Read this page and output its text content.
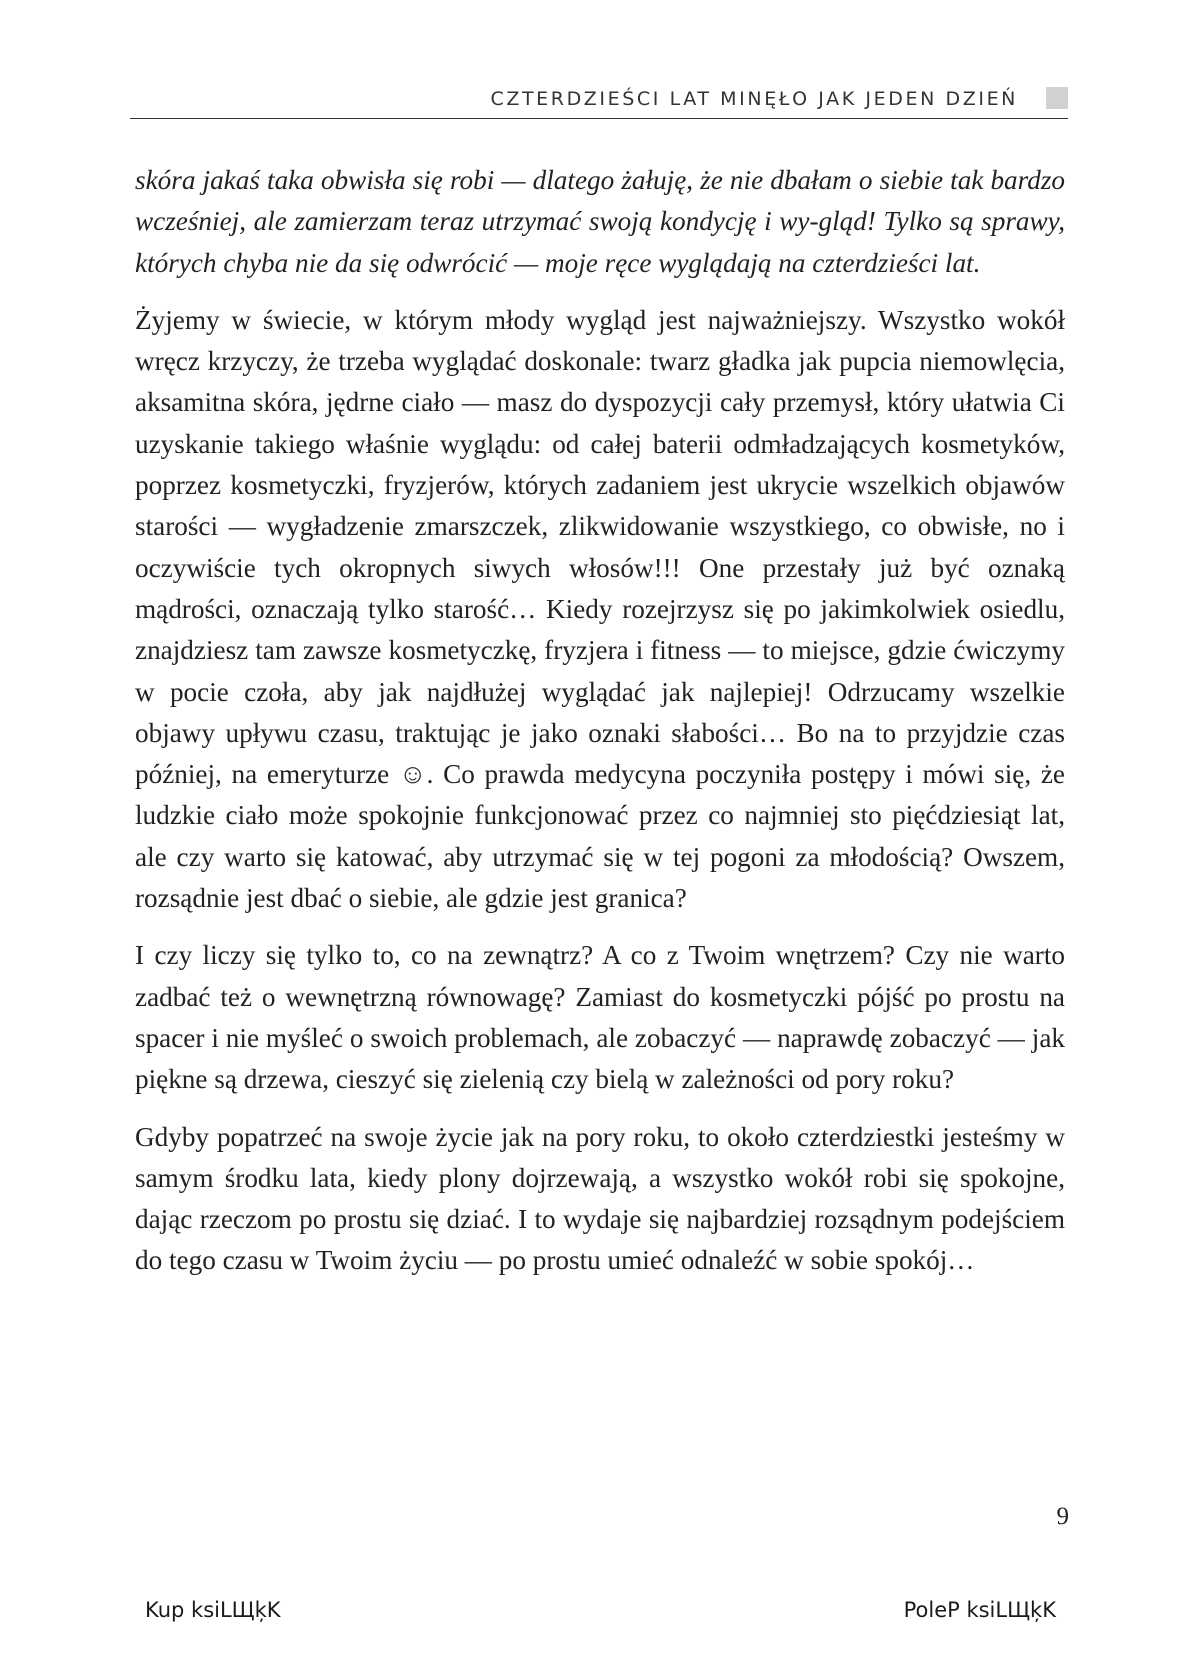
CZTERDZIEŚCI LAT MINĘŁO JAK JEDEN DZIEŃ

skóra jakaś taka obwisła się robi — dlatego żałuję, że nie dbałam o siebie tak bardzo wcześniej, ale zamierzam teraz utrzymać swoją kondycję i wy-gląd! Tylko są sprawy, których chyba nie da się odwrócić — moje ręce wyglądają na czterdzieści lat.

Żyjemy w świecie, w którym młody wygląd jest najważniejszy. Wszystko wokół wręcz krzyczy, że trzeba wyglądać doskonale: twarz gładka jak pupcia niemowlęcia, aksamitna skóra, jędrne ciało — masz do dyspozycji cały przemysł, który ułatwia Ci uzyskanie takiego właśnie wyglądu: od całej baterii odmładzających kosmetyków, poprzez kosmetyczki, fryzjerów, których zadaniem jest ukrycie wszelkich objawów starości — wygładzenie zmarszczek, zlikwidowanie wszystkiego, co obwisłe, no i oczywiście tych okropnych siwych włosów!!! One przestały już być oznaką mądrości, oznaczają tylko starość… Kiedy rozejrzysz się po jakimkolwiek osiedlu, znajdziesz tam zawsze kosmetyczkę, fryzjera i fitness — to miejsce, gdzie ćwiczymy w pocie czoła, aby jak najdłużej wyglądać jak najlepiej! Odrzucamy wszelkie objawy upływu czasu, traktując je jako oznaki słabości… Bo na to przyjdzie czas później, na emeryturze ☺. Co prawda medycyna poczyniła postępy i mówi się, że ludzkie ciało może spokojnie funkcjonować przez co najmniej sto pięćdziesiąt lat, ale czy warto się katować, aby utrzymać się w tej pogoni za młodością? Owszem, rozsądnie jest dbać o siebie, ale gdzie jest granica?

I czy liczy się tylko to, co na zewnątrz? A co z Twoim wnętrzem? Czy nie warto zadbać też o wewnętrzną równowagę? Zamiast do kosmetyczki pójść po prostu na spacer i nie myśleć o swoich problemach, ale zobaczyć — naprawdę zobaczyć — jak piękne są drzewa, cieszyć się zielenią czy bielą w zależności od pory roku?

Gdyby popatrzeć na swoje życie jak na pory roku, to około czterdziestki jesteśmy w samym środku lata, kiedy plony dojrzewają, a wszystko wokół robi się spokojne, dając rzeczom po prostu się dziać. I to wydaje się najbardziej rozsądnym podejściem do tego czasu w Twoim życiu — po prostu umieć odnaleźć w sobie spokój…

9
Kup ksiLЩķK	PoleP ksiLЩķK
